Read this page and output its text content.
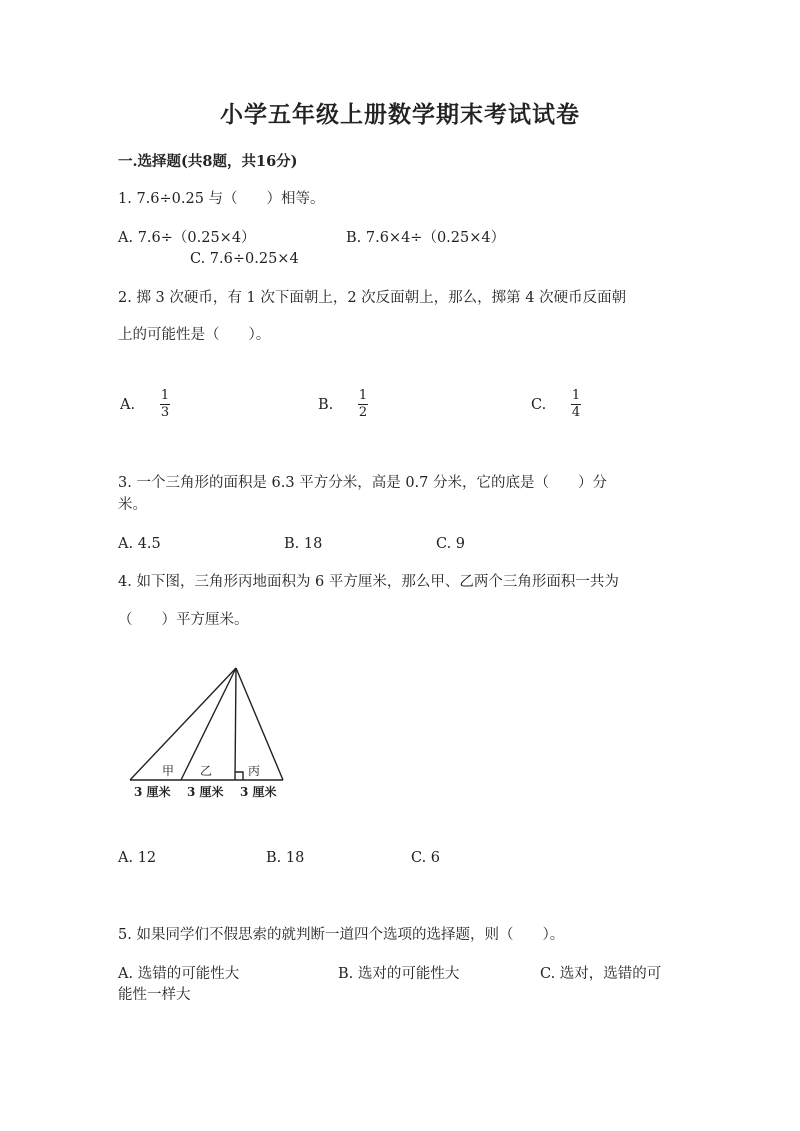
小学五年级上册数学期末考试试卷
一.选择题(共8题，共16分)
1. 7.6÷0.25 与（　　）相等。
A. 7.6÷（0.25×4）	B. 7.6×4÷（0.25×4）
C. 7.6÷0.25×4
2. 掷 3 次硬币，有 1 次下面朝上，2 次反面朝上，那么，掷第 4 次硬币反面朝
上的可能性是（　　）。
A.
1
3	B.
1
2	C.
1
4
3. 一个三角形的面积是 6.3 平方分米，高是 0.7 分米，它的底是（　　）分
米。
A. 4.5	B. 18	C. 9
4. 如下图，三角形丙地面积为 6 平方厘米，那么甲、乙两个三角形面积一共为
（　　）平方厘米。
甲 乙	丙
3 厘米 3 厘米 3 厘米
A. 12	B. 18	C. 6
5. 如果同学们不假思索的就判断一道四个选项的选择题，则（　　）。
A. 选错的可能性大	B. 选对的可能性大	C. 选对，选错的可
能性一样大
